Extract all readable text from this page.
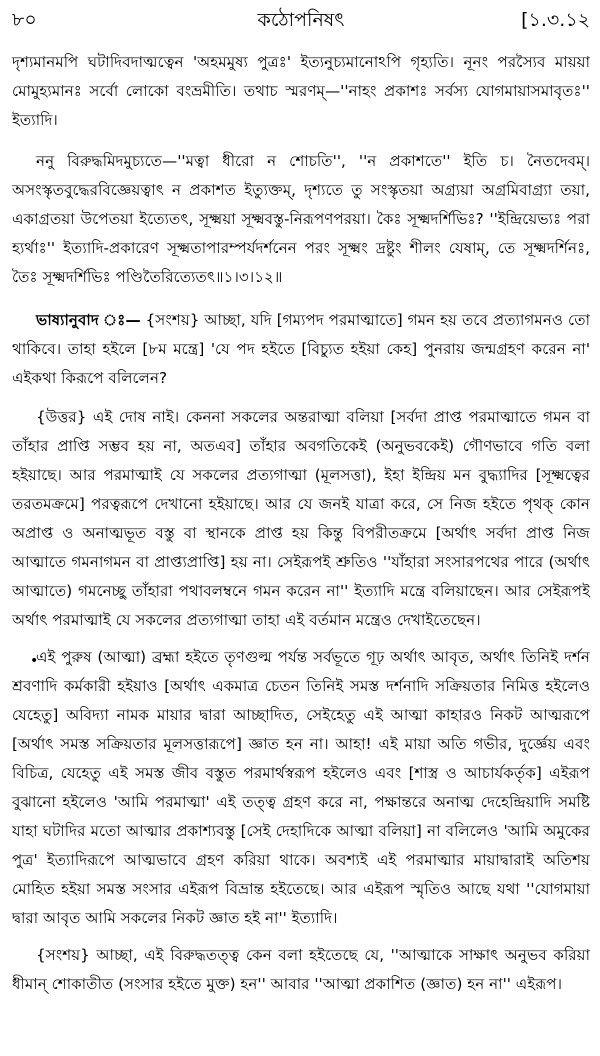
৮০	কঠোপনিষৎ	[১.৩.১২

দৃশ্যমানমপি ঘটাদিবদাত্মত্বেন 'অহমমুষ্য পুত্রঃ' ইত্যনুচ্যমানোঽপি গৃহ্যতি। নূনং পরস্যৈব মায়য়া মোমুহ্যমানঃ সর্বো লোকো বংভ্রমীতি। তথাচ স্মরণম্—''নাহং প্রকাশঃ সর্বস্য যোগমায়াসমাবৃতঃ'' ইত্যাদি।

ননু বিরুদ্ধমিদমুচ্যতে—''মত্বা ধীরো ন শোচতি'', ''ন প্রকাশতে'' ইতি চ। নৈতদেবম্। অসংস্কৃতবুদ্ধেরবিজ্ঞেয়ত্বাৎ ন প্রকাশত ইত্যুক্তম্, দৃশ্যতে তু সংস্কৃতয়া অগ্র্যয়া অগ্রমিবাগ্র্যা তয়া, একাগ্রতয়া উপেতয়া ইত্যেতৎ, সূক্ষ্ময়া সূক্ষ্মবস্তু-নিরূপণপরয়া। কৈঃ সূক্ষ্মদর্শিভিঃ? ''ইন্দ্রিয়েভ্যঃ পরা হ্যর্থাঃ'' ইত্যাদি-প্রকারেণ সূক্ষ্মতাপারম্পর্যদর্শনেন পরং সূক্ষ্মং দ্রষ্টুং শীলং যেষাম্, তে সূক্ষ্মদর্শিনঃ, তৈঃ সূক্ষ্মদর্শিভিঃ পণ্ডিতৈরিত্যেতৎ॥১।৩।১২॥

ভাষ্যানুবাদ ঃ— {সংশয়} আচ্ছা, যদি [গম্যপদ পরমাত্মাতে] গমন হয় তবে প্রত্যাগমনও তো থাকিবে। তাহা হইলে [৮ম মন্ত্রে] 'যে পদ হইতে [বিচ্যুত হইয়া কেহ] পুনরায় জন্মগ্রহণ করেন না' এইকথা কিরূপে বলিলেন?

{উত্তর} এই দোষ নাই। কেননা সকলের অন্তরাত্মা বলিয়া [সর্বদা প্রাপ্ত পরমাত্মাতে গমন বা তাঁহার প্রাপ্তি সম্ভব হয় না, অতএব] তাঁহার অবগতিকেই (অনুভবকেই) গৌণভাবে গতি বলা হইয়াছে। আর পরমাত্মাই যে সকলের প্রত্যগাত্মা (মূলসত্তা), ইহা ইন্দ্রিয় মন বুদ্ধ্যাদির [সূক্ষ্মত্বের তরতমক্রমে] পরত্বরূপে দেখানো হইয়াছে। আর যে জনই যাত্রা করে, সে নিজ হইতে পৃথক্ কোন অপ্রাপ্ত ও অনাত্মভূত বস্তু বা স্থানকে প্রাপ্ত হয় কিন্তু বিপরীতক্রমে [অর্থাৎ সর্বদা প্রাপ্ত নিজ আত্মাতে গমনাগমন বা প্রাপ্ত্যপ্রাপ্তি] হয় না। সেইরূপই শ্রুতিও ''যাঁহারা সংসারপথের পারে (অর্থাৎ আত্মাতে) গমনেচ্ছু তাঁহারা পথাবলম্বনে গমন করেন না'' ইত্যাদি মন্ত্রে বলিয়াছেন। আর সেইরূপই অর্থাৎ পরমাত্মাই যে সকলের প্রত্যগাত্মা তাহা এই বর্তমান মন্ত্রেও দেখাইতেছেন।

•

এই পুরুষ (আত্মা) ব্রহ্মা হইতে তৃণগুল্ম পর্যন্ত সর্বভূতে গূঢ় অর্থাৎ আবৃত, অর্থাৎ তিনিই দর্শন শ্রবণাদি কর্মকারী হইয়াও [অর্থাৎ একমাত্র চেতন তিনিই সমস্ত দর্শনাদি সক্রিয়তার নিমিত্ত হইলেও যেহেতু] অবিদ্যা নামক মায়ার দ্বারা আচ্ছাদিত, সেইহেতু এই আত্মা কাহারও নিকট আত্মরূপে [অর্থাৎ সমস্ত সক্রিয়তার মূলসত্তারূপে] জ্ঞাত হন না। আহা! এই মায়া অতি গভীর, দুর্জ্ঞেয় এবং বিচিত্র, যেহেতু এই সমস্ত জীব বস্তুত পরমার্থস্বরূপ হইলেও এবং [শাস্ত্র ও আচার্যকর্তৃক] এইরূপ বুঝানো হইলেও 'আমি পরমাত্মা' এই তত্ত্ব গ্রহণ করে না, পক্ষান্তরে অনাত্ম দেহেন্দ্রিয়াদি সমষ্টি যাহা ঘটাদির মতো আত্মার প্রকাশ্যবস্তু [সেই দেহাদিকে আত্মা বলিয়া] না বলিলেও 'আমি অমুকের পুত্র' ইত্যাদিরূপে আত্মভাবে গ্রহণ করিয়া থাকে। অবশ্যই এই পরমাত্মার মায়াদ্বারাই অতিশয় মোহিত হইয়া সমস্ত সংসার এইরূপ বিভ্রান্ত হইতেছে। আর এইরূপ স্মৃতিও আছে যথা ''যোগমায়া দ্বারা আবৃত আমি সকলের নিকট জ্ঞাত হই না'' ইত্যাদি।

{সংশয়} আচ্ছা, এই বিরুদ্ধতত্ত্ব কেন বলা হইতেছে যে, ''আত্মাকে সাক্ষাৎ অনুভব করিয়া ধীমান্ শোকাতীত (সংসার হইতে মুক্ত) হন'' আবার ''আত্মা প্রকাশিত (জ্ঞাত) হন না'' এইরূপ।
